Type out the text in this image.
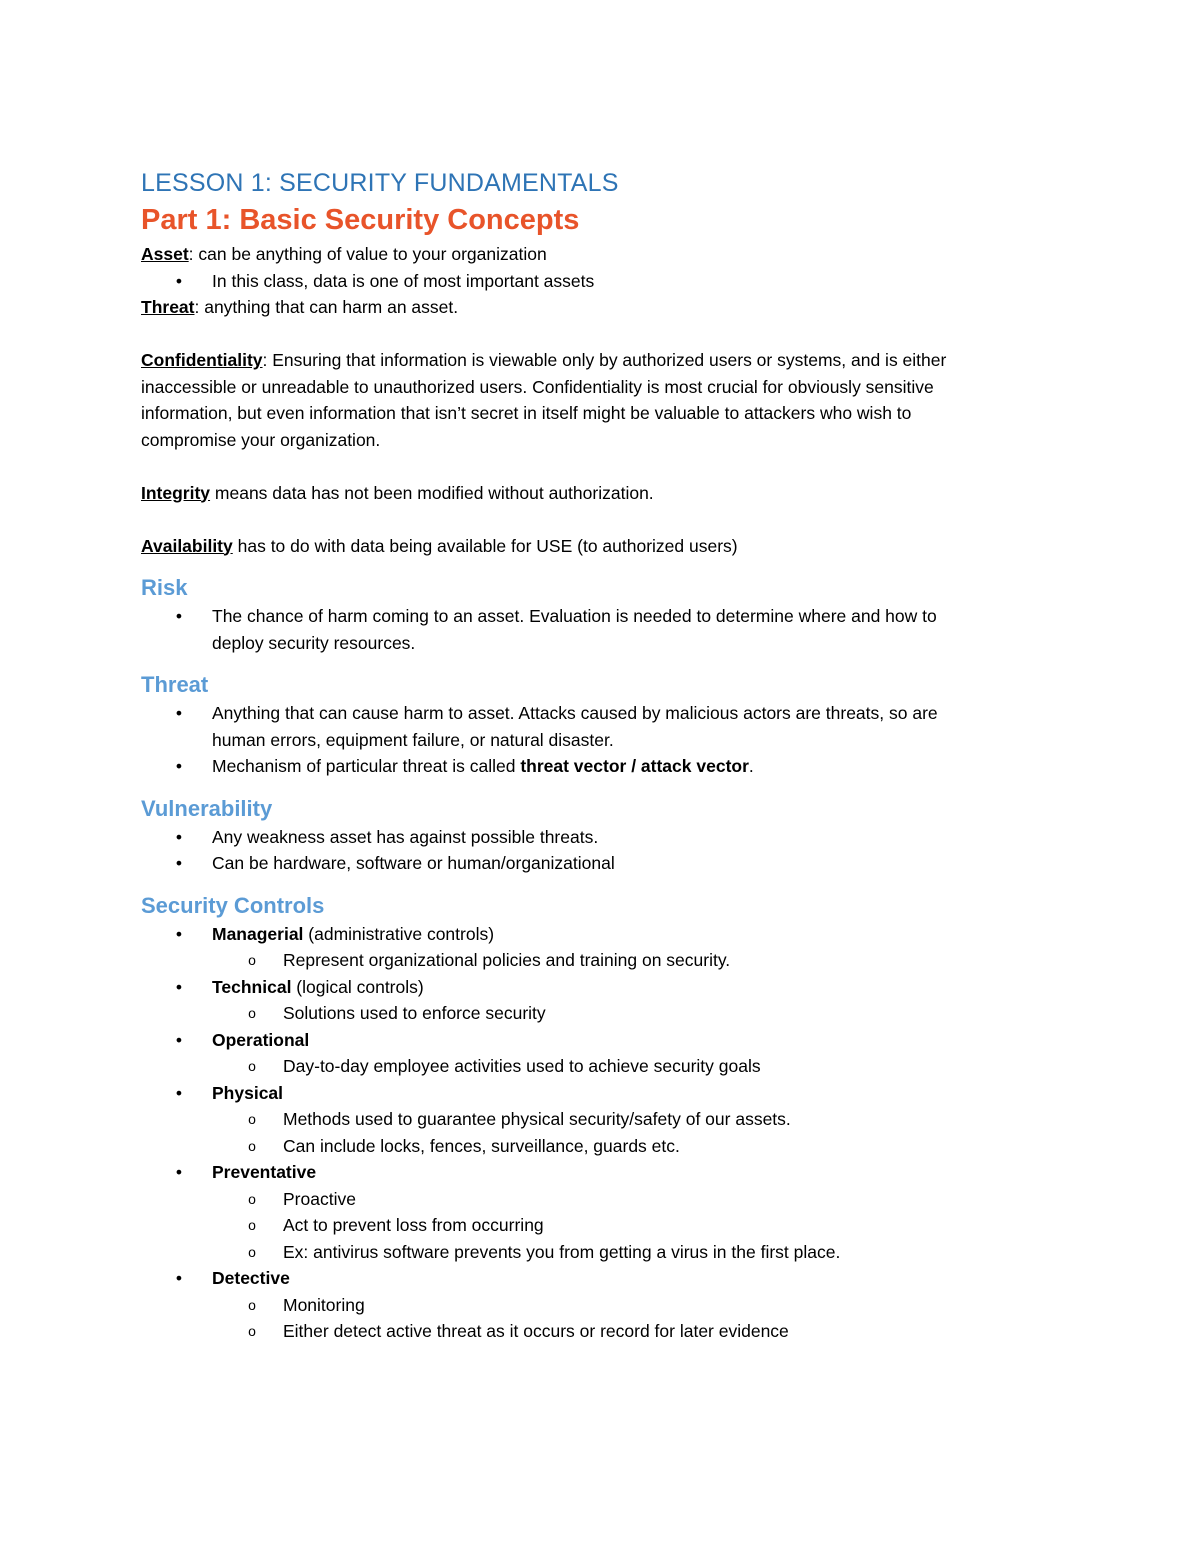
LESSON 1: SECURITY FUNDAMENTALS
Part 1: Basic Security Concepts

Asset: can be anything of value to your organization

• In this class, data is one of most important assets

Threat: anything that can harm an asset.

Confidentiality: Ensuring that information is viewable only by authorized users or systems, and is either

inaccessible or unreadable to unauthorized users. Confidentiality is most crucial for obviously sensitive

information, but even information that isn’t secret in itself might be valuable to attackers who wish to

compromise your organization.

Integrity means data has not been modified without authorization.

Availability has to do with data being available for USE (to authorized users)

Risk
• The chance of harm coming to an asset. Evaluation is needed to determine where and how to
deploy security resources.
Threat
• Anything that can cause harm to asset. Attacks caused by malicious actors are threats, so are
human errors, equipment failure, or natural disaster.
• Mechanism of particular threat is called threat vector / attack vector.
Vulnerability
• Any weakness asset has against possible threats.
• Can be hardware, software or human/organizational
Security Controls
• Managerial (administrative controls)
o Represent organizational policies and training on security.
• Technical (logical controls)
o Solutions used to enforce security
• Operational
o Day-to-day employee activities used to achieve security goals
• Physical
o Methods used to guarantee physical security/safety of our assets.
o Can include locks, fences, surveillance, guards etc.
• Preventative
o Proactive
o Act to prevent loss from occurring
o Ex: antivirus software prevents you from getting a virus in the first place.
• Detective
o Monitoring
o Either detect active threat as it occurs or record for later evidence
